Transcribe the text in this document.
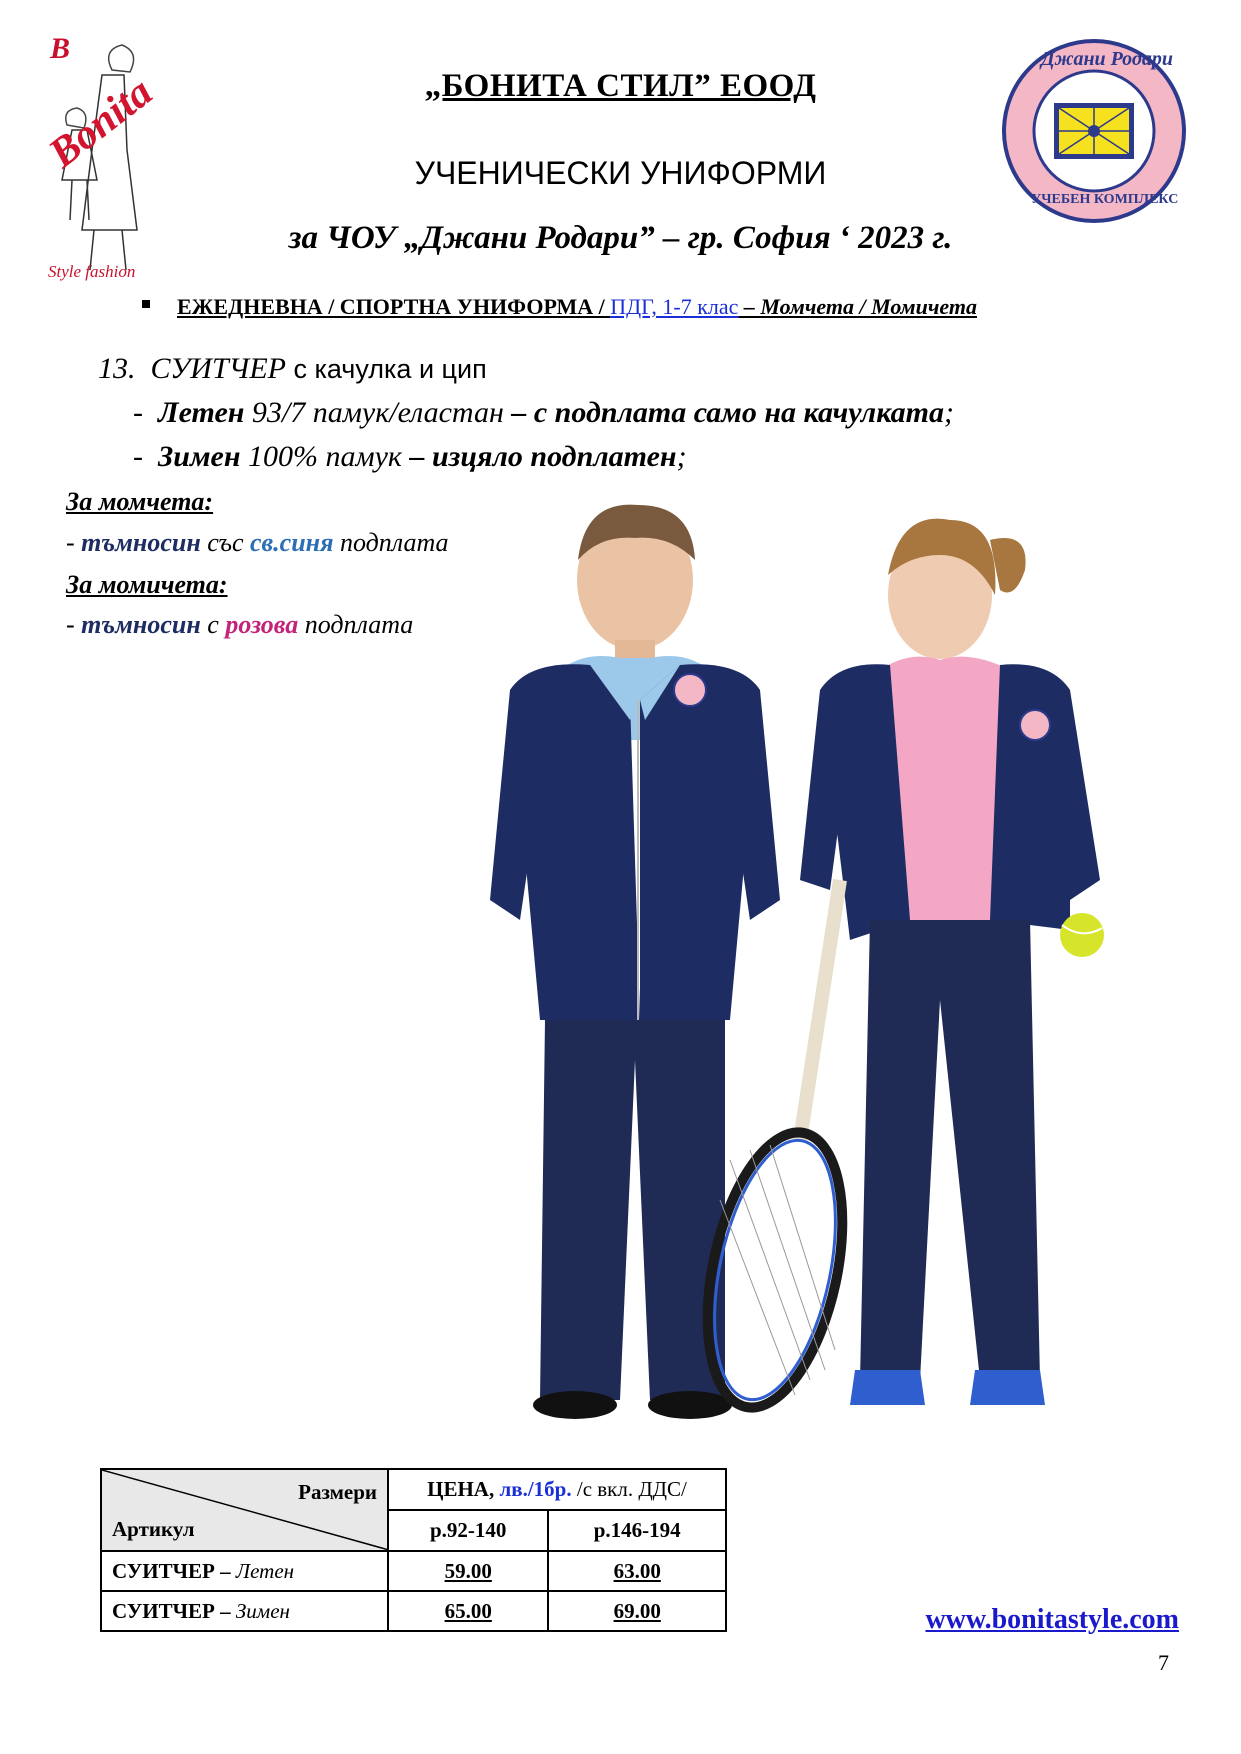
B
Bonita
Style fashion
„БОНИТА СТИЛ” ЕООД
УЧЕНИЧЕСКИ УНИФОРМИ
за ЧОУ „Джани Родари” – гр. София ‘ 2023 г.
Джани Родари
УЧЕБЕН КОМПЛЕКС
ЕЖЕДНЕВНА / СПОРТНА УНИФОРМА / ПДГ, 1-7 клас – Момчета / Момичета
13. СУИТЧЕР с качулка и цип
- Летен 93/7 памук/еластан – с подплата само на качулката;
- Зимен 100% памук – изцяло подплатен;
За момчета:
- тъмносин със св.синя подплата
За момичета:
- тъмносин с розова подплата
Размери
Артикул	ЦЕНА, лв./1бр. /с вкл. ДДС/	
	р.92-140	р.146-194
СУИТЧЕР – Летен	59.00	63.00
СУИТЧЕР – Зимен	65.00	69.00	www.bonitastyle.com
7
